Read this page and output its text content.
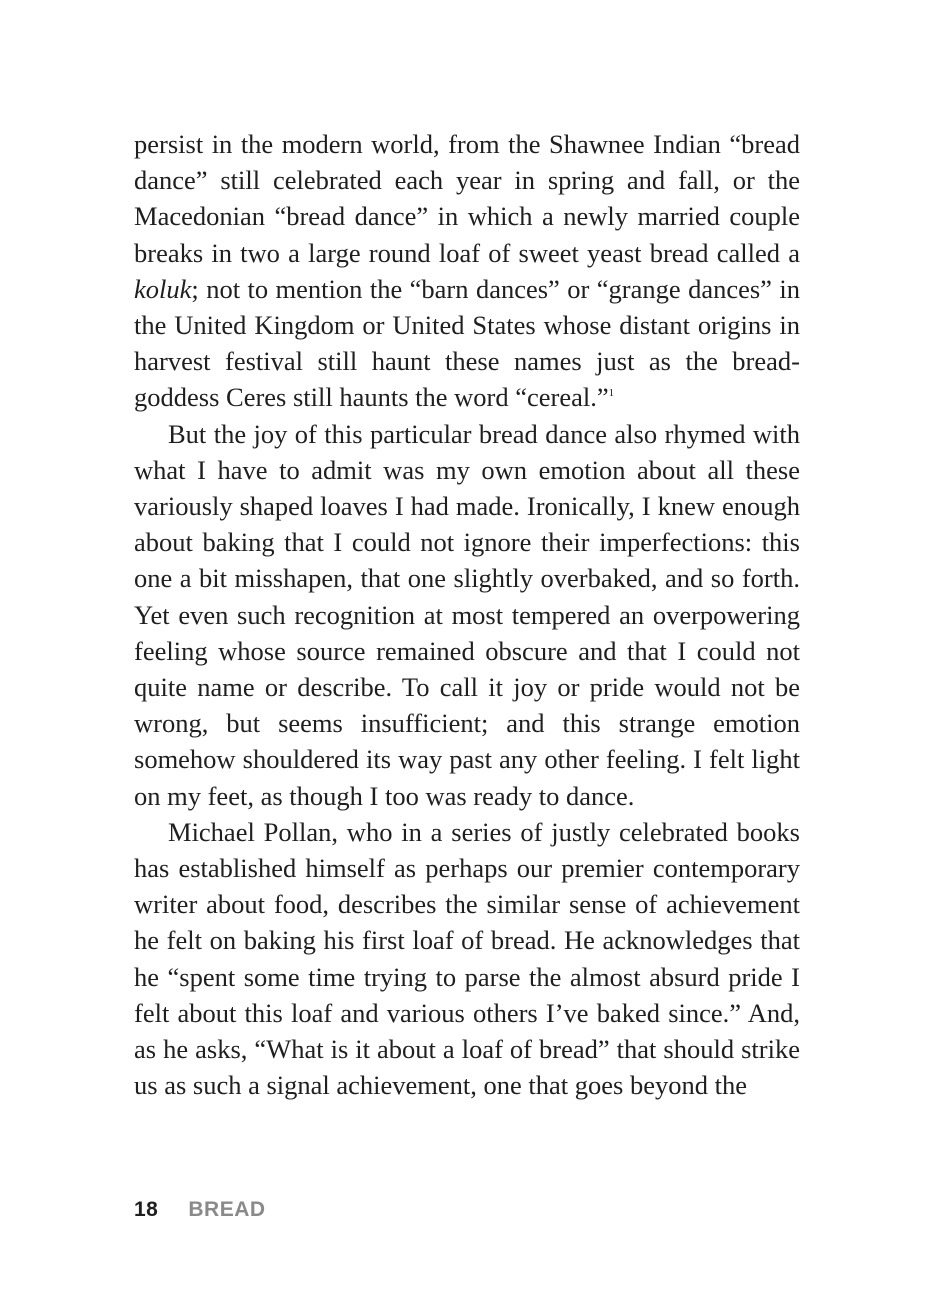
persist in the modern world, from the Shawnee Indian “bread dance” still celebrated each year in spring and fall, or the Macedonian “bread dance” in which a newly married couple breaks in two a large round loaf of sweet yeast bread called a koluk; not to mention the “barn dances” or “grange dances” in the United Kingdom or United States whose distant origins in harvest festival still haunt these names just as the bread-goddess Ceres still haunts the word “cereal.”$^1$

But the joy of this particular bread dance also rhymed with what I have to admit was my own emotion about all these variously shaped loaves I had made. Ironically, I knew enough about baking that I could not ignore their imperfections: this one a bit misshapen, that one slightly overbaked, and so forth. Yet even such recognition at most tempered an overpowering feeling whose source remained obscure and that I could not quite name or describe. To call it joy or pride would not be wrong, but seems insufficient; and this strange emotion somehow shouldered its way past any other feeling. I felt light on my feet, as though I too was ready to dance.

Michael Pollan, who in a series of justly celebrated books has established himself as perhaps our premier contemporary writer about food, describes the similar sense of achievement he felt on baking his first loaf of bread. He acknowledges that he “spent some time trying to parse the almost absurd pride I felt about this loaf and various others I’ve baked since.” And, as he asks, “What is it about a loaf of bread” that should strike us as such a signal achievement, one that goes beyond the

18 BREAD
